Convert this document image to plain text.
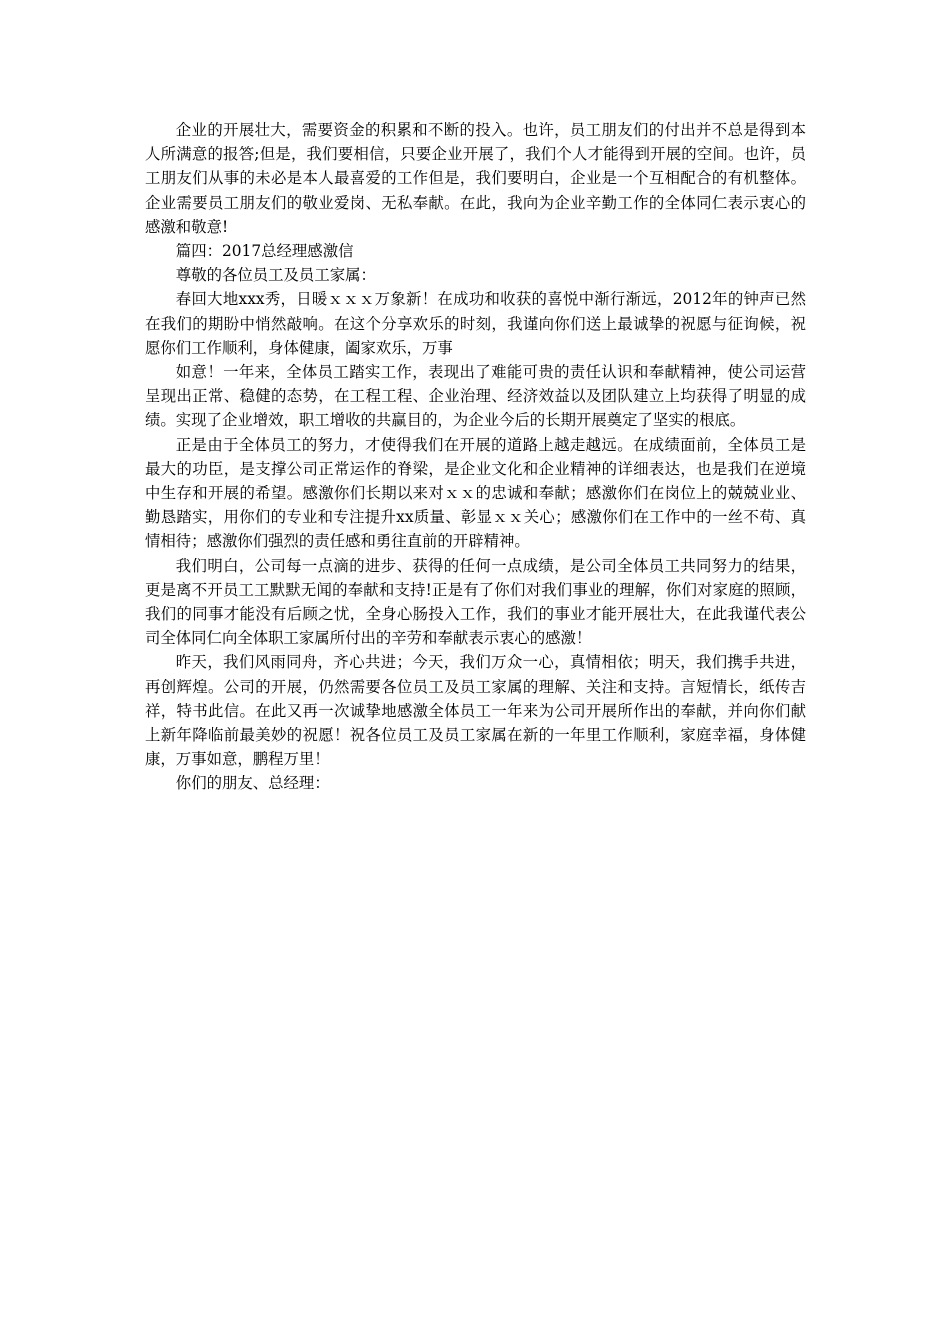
企业的开展壮大，需要资金的积累和不断的投入。也许，员工朋友们的付出并不总是得到本人所满意的报答;但是，我们要相信，只要企业开展了，我们个人才能得到开展的空间。也许，员工朋友们从事的未必是本人最喜爱的工作但是，我们要明白，企业是一个互相配合的有机整体。企业需要员工朋友们的敬业爱岗、无私奉献。在此，我向为企业辛勤工作的全体同仁表示衷心的感激和敬意!

篇四：2017总经理感激信

尊敬的各位员工及员工家属：

春回大地xxx秀，日暖ｘｘｘ万象新！在成功和收获的喜悦中渐行渐远，2012年的钟声已然在我们的期盼中悄然敲响。在这个分享欢乐的时刻，我谨向你们送上最诚挚的祝愿与征询候，祝愿你们工作顺利，身体健康，阖家欢乐，万事

如意！一年来，全体员工踏实工作，表现出了难能可贵的责任认识和奉献精神，使公司运营呈现出正常、稳健的态势，在工程工程、企业治理、经济效益以及团队建立上均获得了明显的成绩。实现了企业增效，职工增收的共赢目的，为企业今后的长期开展奠定了坚实的根底。

正是由于全体员工的努力，才使得我们在开展的道路上越走越远。在成绩面前，全体员工是最大的功臣，是支撑公司正常运作的脊梁，是企业文化和企业精神的详细表达，也是我们在逆境中生存和开展的希望。感激你们长期以来对ｘｘ的忠诚和奉献；感激你们在岗位上的兢兢业业、勤恳踏实，用你们的专业和专注提升xx质量、彰显ｘｘ关心；感激你们在工作中的一丝不苟、真情相待；感激你们强烈的责任感和勇往直前的开辟精神。

我们明白，公司每一点滴的进步、获得的任何一点成绩，是公司全体员工共同努力的结果，更是离不开员工工默默无闻的奉献和支持!正是有了你们对我们事业的理解，你们对家庭的照顾，我们的同事才能没有后顾之忧，全身心肠投入工作，我们的事业才能开展壮大，在此我谨代表公司全体同仁向全体职工家属所付出的辛劳和奉献表示衷心的感激！

昨天，我们风雨同舟，齐心共进；今天，我们万众一心，真情相依；明天，我们携手共进，再创辉煌。公司的开展，仍然需要各位员工及员工家属的理解、关注和支持。言短情长，纸传吉祥，特书此信。在此又再一次诚挚地感激全体员工一年来为公司开展所作出的奉献，并向你们献上新年降临前最美妙的祝愿！祝各位员工及员工家属在新的一年里工作顺利，家庭幸福，身体健康，万事如意，鹏程万里！

你们的朋友、总经理：
